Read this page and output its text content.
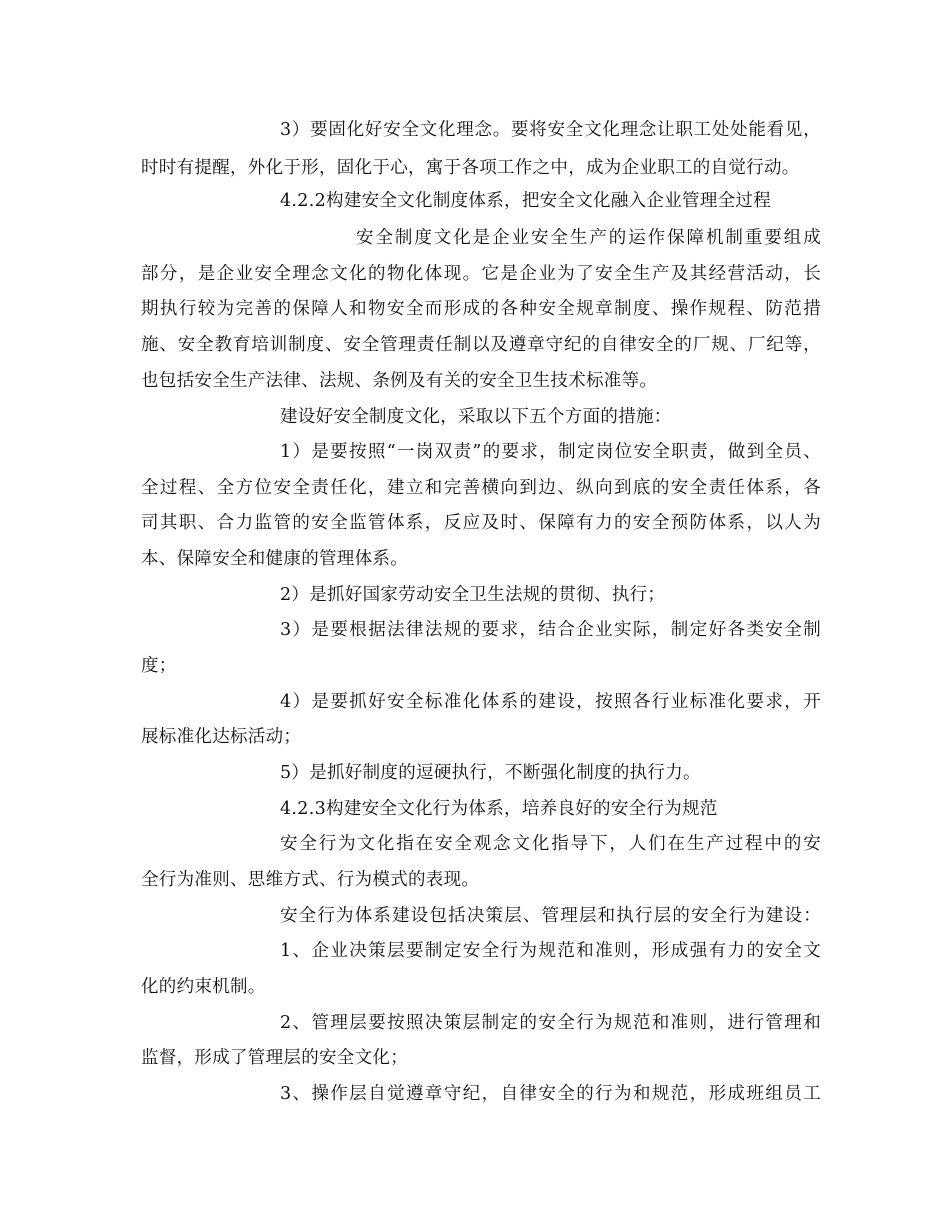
3）要固化好安全文化理念。要将安全文化理念让职工处处能看见，
时时有提醒，外化于形，固化于心，寓于各项工作之中，成为企业职工的自觉行动。
4.2.2构建安全文化制度体系，把安全文化融入企业管理全过程
安全制度文化是企业安全生产的运作保障机制重要组成
部分，是企业安全理念文化的物化体现。它是企业为了安全生产及其经营活动，长
期执行较为完善的保障人和物安全而形成的各种安全规章制度、操作规程、防范措
施、安全教育培训制度、安全管理责任制以及遵章守纪的自律安全的厂规、厂纪等，
也包括安全生产法律、法规、条例及有关的安全卫生技术标准等。
建设好安全制度文化，采取以下五个方面的措施：
1）是要按照“一岗双责”的要求，制定岗位安全职责，做到全员、
全过程、全方位安全责任化，建立和完善横向到边、纵向到底的安全责任体系，各
司其职、合力监管的安全监管体系，反应及时、保障有力的安全预防体系，以人为
本、保障安全和健康的管理体系。
2）是抓好国家劳动安全卫生法规的贯彻、执行；
3）是要根据法律法规的要求，结合企业实际，制定好各类安全制
度；
4）是要抓好安全标准化体系的建设，按照各行业标准化要求，开
展标准化达标活动；
5）是抓好制度的逗硬执行，不断强化制度的执行力。
4.2.3构建安全文化行为体系，培养良好的安全行为规范
安全行为文化指在安全观念文化指导下，人们在生产过程中的安
全行为准则、思维方式、行为模式的表现。
安全行为体系建设包括决策层、管理层和执行层的安全行为建设：
1、企业决策层要制定安全行为规范和准则，形成强有力的安全文
化的约束机制。
2、管理层要按照决策层制定的安全行为规范和准则，进行管理和
监督，形成了管理层的安全文化；
3、操作层自觉遵章守纪，自律安全的行为和规范，形成班组员工
